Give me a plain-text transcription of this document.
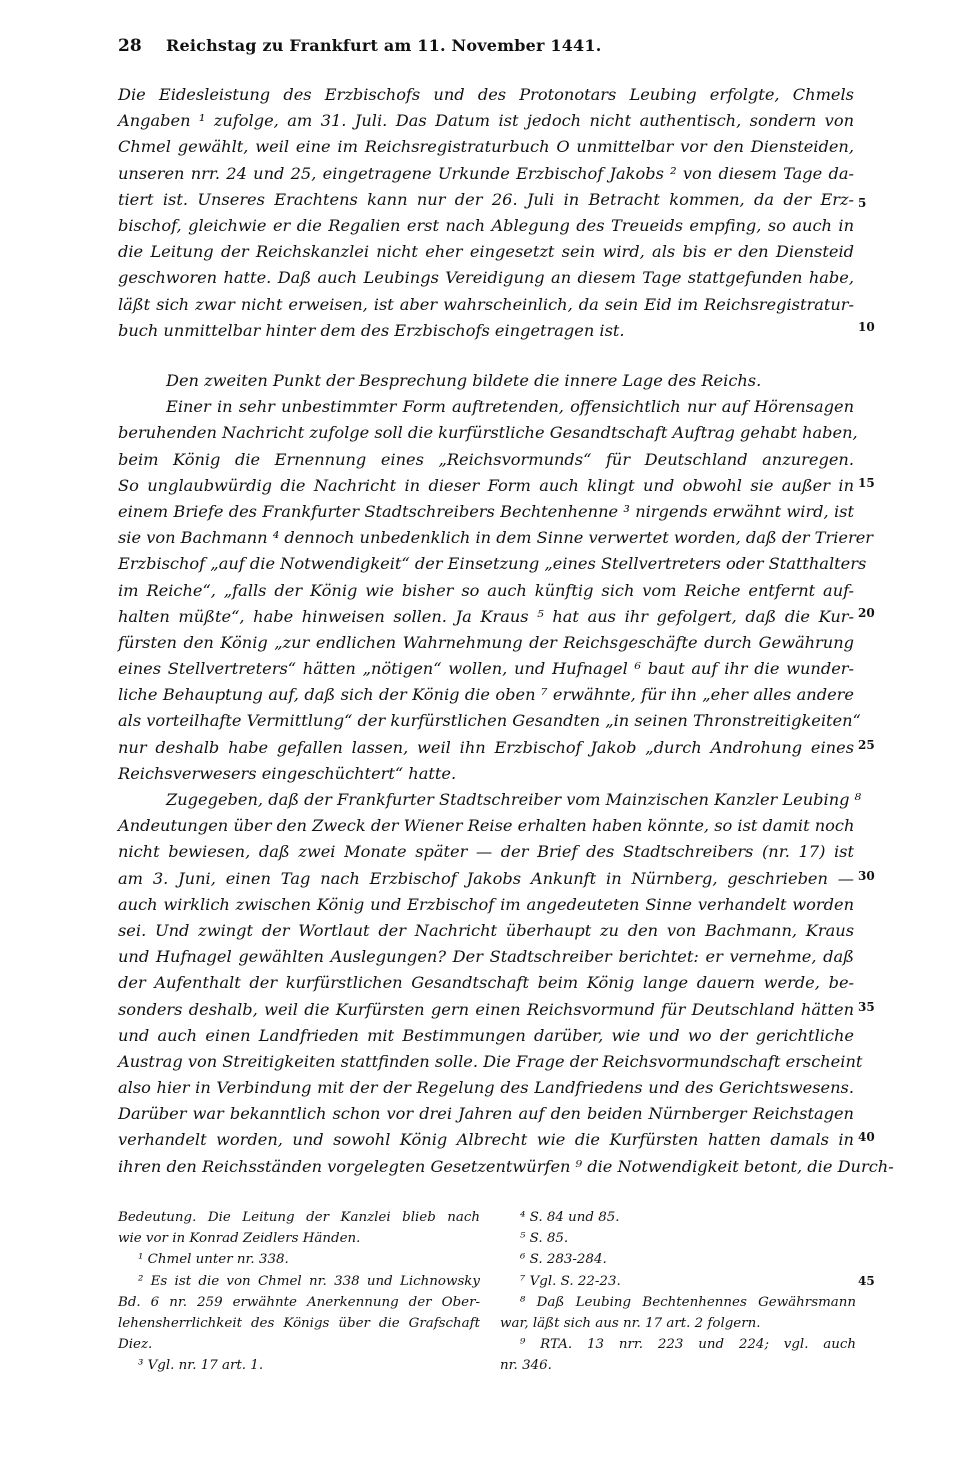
28 Reichstag zu Frankfurt am 11. November 1441.
Die Eidesleistung des Erzbischofs und des Protonotars Leubing erfolgte, Chmels
Angaben ¹ zufolge, am 31. Juli. Das Datum ist jedoch nicht authentisch, sondern von
Chmel gewählt, weil eine im Reichsregistraturbuch O unmittelbar vor den Dienstеiden,
unseren nrr. 24 und 25, eingetragene Urkunde Erzbischof Jakobs ² von diesem Tage da-
tiert ist. Unseres Erachtens kann nur der 26. Juli in Betracht kommen, da der Erz-
bischof, gleichwie er die Regalien erst nach Ablegung des Treueids empfing, so auch in
die Leitung der Reichskanzlei nicht eher eingesetzt sein wird, als bis er den Diensteid
geschworen hatte. Daß auch Leubings Vereidigung an diesem Tage stattgefunden habe,
läßt sich zwar nicht erweisen, ist aber wahrscheinlich, da sein Eid im Reichsregistratur-
buch unmittelbar hinter dem des Erzbischofs eingetragen ist.
Den zweiten Punkt der Besprechung bildete die innere Lage des Reichs.
Einer in sehr unbestimmter Form auftretenden, offensichtlich nur auf Hörensagen
beruhenden Nachricht zufolge soll die kurfürstliche Gesandtschaft Auftrag gehabt haben,
beim König die Ernennung eines „Reichsvormunds“ für Deutschland anzuregen.
So unglaubwürdig die Nachricht in dieser Form auch klingt und obwohl sie außer in
einem Briefe des Frankfurter Stadtschreibers Bechtenhenne ³ nirgends erwähnt wird, ist
sie von Bachmann ⁴ dennoch unbedenklich in dem Sinne verwertet worden, daß der Trierer
Erzbischof „auf die Notwendigkeit“ der Einsetzung „eines Stellvertreters oder Statthalters
im Reiche“, „falls der König wie bisher so auch künftig sich vom Reiche entfernt auf-
halten müßte“, habe hinweisen sollen. Ja Kraus ⁵ hat aus ihr gefolgert, daß die Kur-
fürsten den König „zur endlichen Wahrnehmung der Reichsgeschäfte durch Gewährung
eines Stellvertreters“ hätten „nötigen“ wollen, und Hufnagel ⁶ baut auf ihr die wunder-
liche Behauptung auf, daß sich der König die oben ⁷ erwähnte, für ihn „eher alles andere
als vorteilhafte Vermittlung“ der kurfürstlichen Gesandten „in seinen Thronstreitigkeiten“
nur deshalb habe gefallen lassen, weil ihn Erzbischof Jakob „durch Androhung eines
Reichsverwesers eingeschüchtert“ hatte.
Zugegeben, daß der Frankfurter Stadtschreiber vom Mainzischen Kanzler Leubing ⁸
Andeutungen über den Zweck der Wiener Reise erhalten haben könnte, so ist damit noch
nicht bewiesen, daß zwei Monate später — der Brief des Stadtschreibers (nr. 17) ist
am 3. Juni, einen Tag nach Erzbischof Jakobs Ankunft in Nürnberg, geschrieben —
auch wirklich zwischen König und Erzbischof im angedeuteten Sinne verhandelt worden
sei. Und zwingt der Wortlaut der Nachricht überhaupt zu den von Bachmann, Kraus
und Hufnagel gewählten Auslegungen? Der Stadtschreiber berichtet: er vernehme, daß
der Aufenthalt der kurfürstlichen Gesandtschaft beim König lange dauern werde, be-
sonders deshalb, weil die Kurfürsten gern einen Reichsvormund für Deutschland hätten
und auch einen Landfrieden mit Bestimmungen darüber, wie und wo der gerichtliche
Austrag von Streitigkeiten stattfinden solle. Die Frage der Reichsvormundschaft erscheint
also hier in Verbindung mit der der Regelung des Landfriedens und des Gerichtswesens.
Darüber war bekanntlich schon vor drei Jahren auf den beiden Nürnberger Reichstagen
verhandelt worden, und sowohl König Albrecht wie die Kurfürsten hatten damals in
ihren den Reichsständen vorgelegten Gesetzentwürfen ⁹ die Notwendigkeit betont, die Durch-
5
10
15
20
25
30
35
40
45
Bedeutung. Die Leitung der Kanzlei blieb nach
wie vor in Konrad Zeidlers Händen.
¹ Chmel unter nr. 338.
² Es ist die von Chmel nr. 338 und Lichnowsky
Bd. 6 nr. 259 erwähnte Anerkennung der Ober-
lehensherrlichkeit des Königs über die Grafschaft
Diez.
³ Vgl. nr. 17 art. 1.
⁴ S. 84 und 85.
⁵ S. 85.
⁶ S. 283-284.
⁷ Vgl. S. 22-23.
⁸ Daß Leubing Bechtenhennes Gewährsmann
war, läßt sich aus nr. 17 art. 2 folgern.
⁹ RTA. 13 nrr. 223 und 224; vgl. auch
nr. 346.
